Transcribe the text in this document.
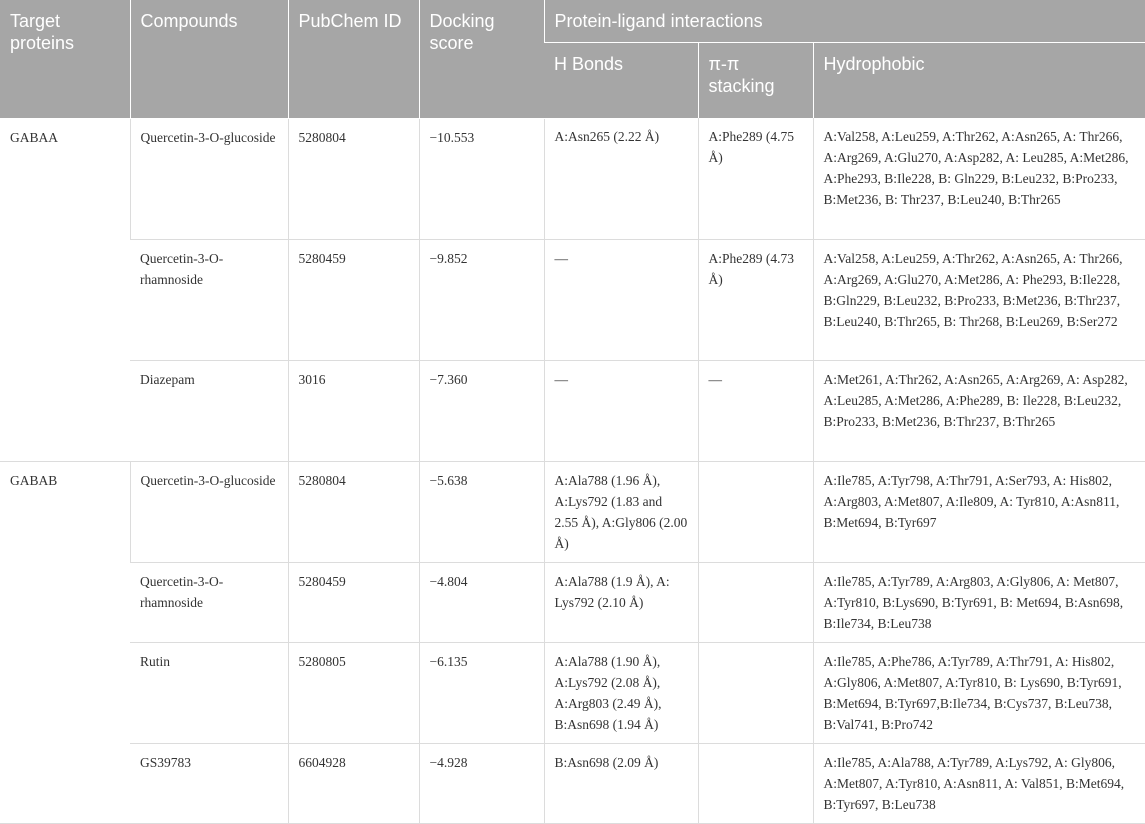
Target proteins	Compounds	PubChem ID	Docking score	Protein-ligand interactions		
				H Bonds	π-π stacking	Hydrophobic
GABAA	Quercetin-3-O-glucoside	5280804	−10.553	A:Asn265 (2.22 Å)	A:Phe289 (4.75 Å)	A:Val258, A:Leu259, A:Thr262, A:Asn265, A: Thr266, A:Arg269, A:Glu270, A:Asp282, A: Leu285, A:Met286, A:Phe293, B:Ile228, B: Gln229, B:Leu232, B:Pro233, B:Met236, B: Thr237, B:Leu240, B:Thr265
	Quercetin-3-O-rhamnoside	5280459	−9.852	—	A:Phe289 (4.73 Å)	A:Val258, A:Leu259, A:Thr262, A:Asn265, A: Thr266, A:Arg269, A:Glu270, A:Met286, A: Phe293, B:Ile228, B:Gln229, B:Leu232, B:Pro233, B:Met236, B:Thr237, B:Leu240, B:Thr265, B: Thr268, B:Leu269, B:Ser272
	Diazepam	3016	−7.360	—	—	A:Met261, A:Thr262, A:Asn265, A:Arg269, A: Asp282, A:Leu285, A:Met286, A:Phe289, B: Ile228, B:Leu232, B:Pro233, B:Met236, B:Thr237, B:Thr265
GABAB	Quercetin-3-O-glucoside	5280804	−5.638	A:Ala788 (1.96 Å), A:Lys792 (1.83 and 2.55 Å), A:Gly806 (2.00 Å)		A:Ile785, A:Tyr798, A:Thr791, A:Ser793, A: His802, A:Arg803, A:Met807, A:Ile809, A: Tyr810, A:Asn811, B:Met694, B:Tyr697
	Quercetin-3-O-rhamnoside	5280459	−4.804	A:Ala788 (1.9 Å), A: Lys792 (2.10 Å)		A:Ile785, A:Tyr789, A:Arg803, A:Gly806, A: Met807, A:Tyr810, B:Lys690, B:Tyr691, B: Met694, B:Asn698, B:Ile734, B:Leu738
	Rutin	5280805	−6.135	A:Ala788 (1.90 Å), A:Lys792 (2.08 Å), A:Arg803 (2.49 Å), B:Asn698 (1.94 Å)		A:Ile785, A:Phe786, A:Tyr789, A:Thr791, A: His802, A:Gly806, A:Met807, A:Tyr810, B: Lys690, B:Tyr691, B:Met694, B:Tyr697,B:Ile734, B:Cys737, B:Leu738, B:Val741, B:Pro742
	GS39783	6604928	−4.928	B:Asn698 (2.09 Å)		A:Ile785, A:Ala788, A:Tyr789, A:Lys792, A: Gly806, A:Met807, A:Tyr810, A:Asn811, A: Val851, B:Met694, B:Tyr697, B:Leu738
